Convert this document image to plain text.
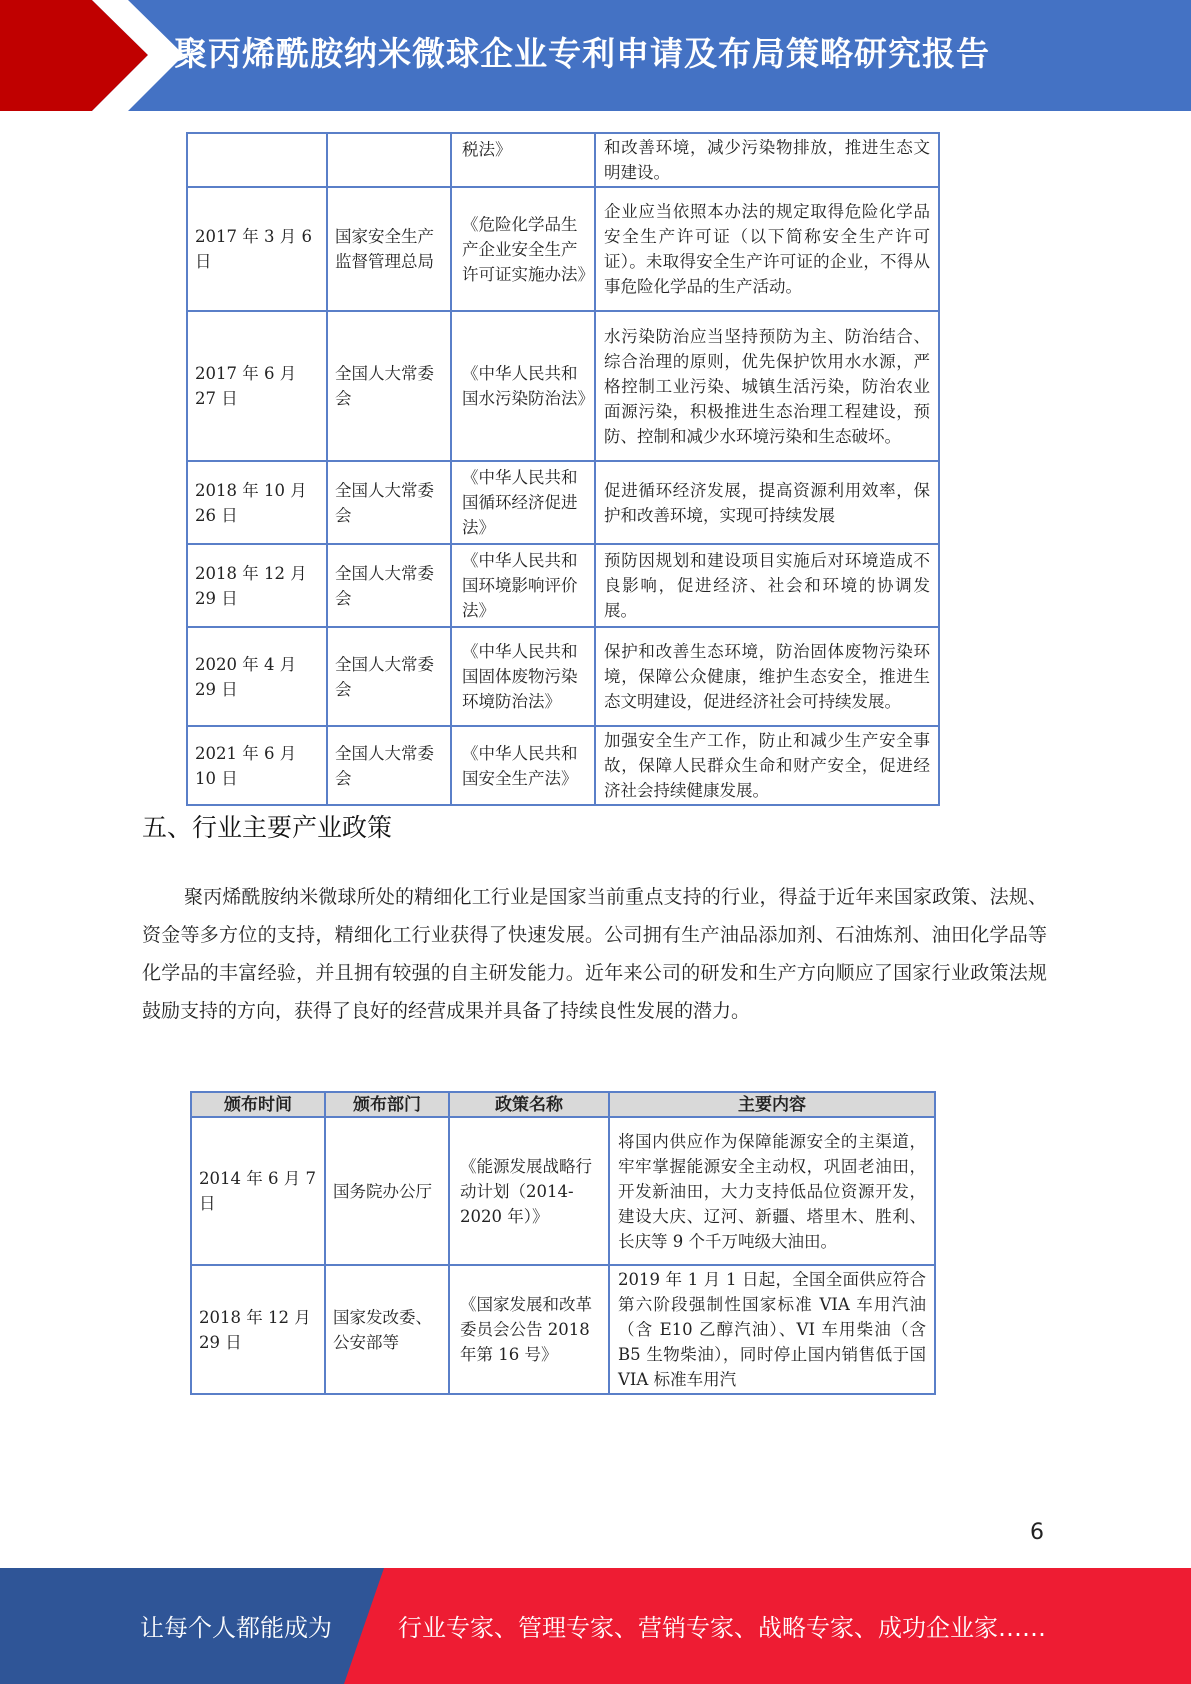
聚丙烯酰胺纳米微球企业专利申请及布局策略研究报告
		税法》	和改善环境，减少污染物排放，推进生态文明建设。
2017 年 3 月 6 日	国家安全生产监督管理总局	《危险化学品生产企业安全生产许可证实施办法》	企业应当依照本办法的规定取得危险化学品安全生产许可证（以下简称安全生产许可证）。未取得安全生产许可证的企业，不得从事危险化学品的生产活动。
2017 年 6 月 27 日	全国人大常委会	《中华人民共和国水污染防治法》	水污染防治应当坚持预防为主、防治结合、综合治理的原则，优先保护饮用水水源，严格控制工业污染、城镇生活污染，防治农业面源污染，积极推进生态治理工程建设，预防、控制和减少水环境污染和生态破坏。
2018 年 10 月 26 日	全国人大常委会	《中华人民共和国循环经济促进法》	促进循环经济发展，提高资源利用效率，保护和改善环境，实现可持续发展
2018 年 12 月 29 日	全国人大常委会	《中华人民共和国环境影响评价法》	预防因规划和建设项目实施后对环境造成不良影响，促进经济、社会和环境的协调发展。
2020 年 4 月 29 日	全国人大常委会	《中华人民共和国固体废物污染环境防治法》	保护和改善生态环境，防治固体废物污染环境，保障公众健康，维护生态安全，推进生态文明建设，促进经济社会可持续发展。
2021 年 6 月 10 日	全国人大常委会	《中华人民共和国安全生产法》	加强安全生产工作，防止和减少生产安全事故，保障人民群众生命和财产安全，促进经济社会持续健康发展。
五、行业主要产业政策
聚丙烯酰胺纳米微球所处的精细化工行业是国家当前重点支持的行业，得益于近年来国家政策、法规、资金等多方位的支持，精细化工行业获得了快速发展。公司拥有生产油品添加剂、石油炼剂、油田化学品等化学品的丰富经验，并且拥有较强的自主研发能力。近年来公司的研发和生产方向顺应了国家行业政策法规鼓励支持的方向，获得了良好的经营成果并具备了持续良性发展的潜力。
颁布时间	颁布部门	政策名称	主要内容
2014 年 6 月 7 日	国务院办公厅	《能源发展战略行动计划（2014-2020 年）》	将国内供应作为保障能源安全的主渠道，牢牢掌握能源安全主动权，巩固老油田，开发新油田，大力支持低品位资源开发，建设大庆、辽河、新疆、塔里木、胜利、长庆等 9 个千万吨级大油田。
2018 年 12 月 29 日	国家发改委、公安部等	《国家发展和改革委员会公告 2018 年第 16 号》	2019 年 1 月 1 日起，全国全面供应符合第六阶段强制性国家标准 VIA 车用汽油（含 E10 乙醇汽油）、VI 车用柴油（含 B5 生物柴油），同时停止国内销售低于国 VIA 标准车用汽
6
让每个人都能成为	行业专家、管理专家、营销专家、战略专家、成功企业家……
